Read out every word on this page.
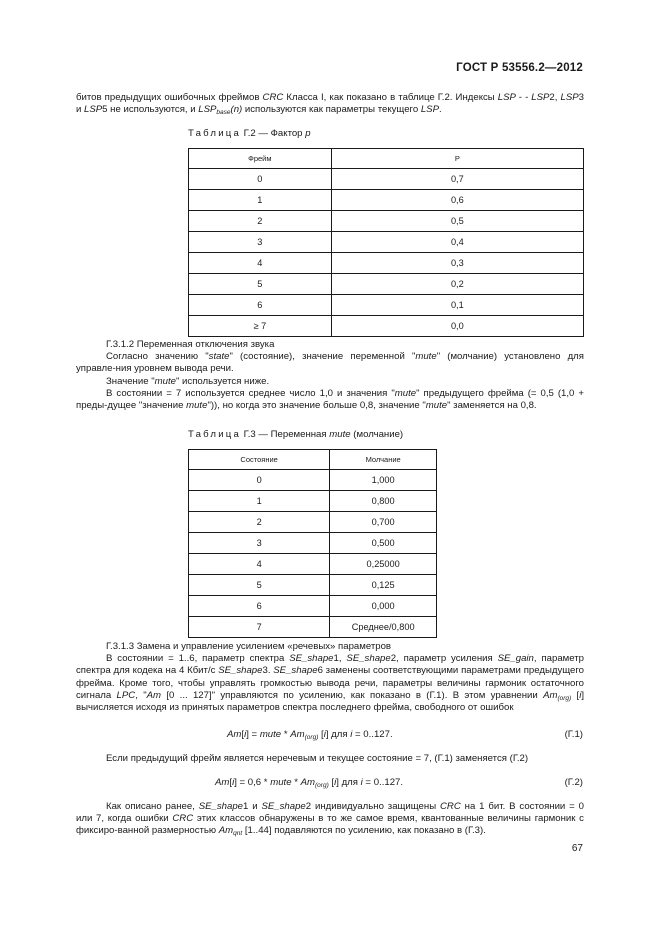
ГОСТ Р 53556.2—2012

битов предыдущих ошибочных фреймов CRC Класса I, как показано в таблице Г.2. Индексы LSP - - LSP2, LSP3 и LSP5 не используются, и $LSP_{base}(n)$ используются как параметры текущего LSP.

Таблица Г.2 — Фактор p
Фрейм	P
0	0,7
1	0,6
2	0,5
3	0,4
4	0,3
5	0,2
6	0,1
≥ 7	0,0

Г.3.1.2 Переменная отключения звука

Согласно значению "state" (состояние), значение переменной "mute" (молчание) установлено для управле-ния уровнем вывода речи.

Значение "mute" используется ниже.

В состоянии = 7 используется среднее число 1,0 и значения "mute" предыдущего фрейма (= 0,5 (1,0 + преды-дущее "значение mute")), но когда это значение больше 0,8, значение "mute" заменяется на 0,8.

Таблица Г.3 — Переменная mute (молчание)
Состояние	Молчание
0	1,000
1	0,800
2	0,700
3	0,500
4	0,25000
5	0,125
6	0,000
7	Среднее/0,800

Г.3.1.3 Замена и управление усилением «речевых» параметров

В состоянии = 1..6, параметр спектра SE_shape1, SE_shape2, параметр усиления SE_gain, параметр спектра для кодека на 4 Кбит/с SE_shape3. SE_shape6 заменены соответствующими параметрами предыдущего фрейма. Кроме того, чтобы управлять громкостью вывода речи, параметры величины гармоник остаточного сигнала LPC, "Am [0 ... 127]" управляются по усилению, как показано в (Г.1). В этом уравнении $Am_{(org)}$ [i] вычисляется исходя из принятых параметров спектра последнего фрейма, свободного от ошибок

Am[i] = mute * $Am_{(org)}$ [i] для i = 0..127.	(Г.1)

Если предыдущий фрейм является неречевым и текущее состояние = 7, (Г.1) заменяется (Г.2)

Am[i] = 0,6 * mute * $Am_{(org)}$ [i] для i = 0..127.	(Г.2)

Как описано ранее, SE_shape1 и SE_shape2 индивидуально защищены CRC на 1 бит. В состоянии = 0 или 7, когда ошибки CRC этих классов обнаружены в то же самое время, квантованные величины гармоник с фиксиро-ванной размерностью $Am_{qnt}$ [1..44] подавляются по усилению, как показано в (Г.3).

67
